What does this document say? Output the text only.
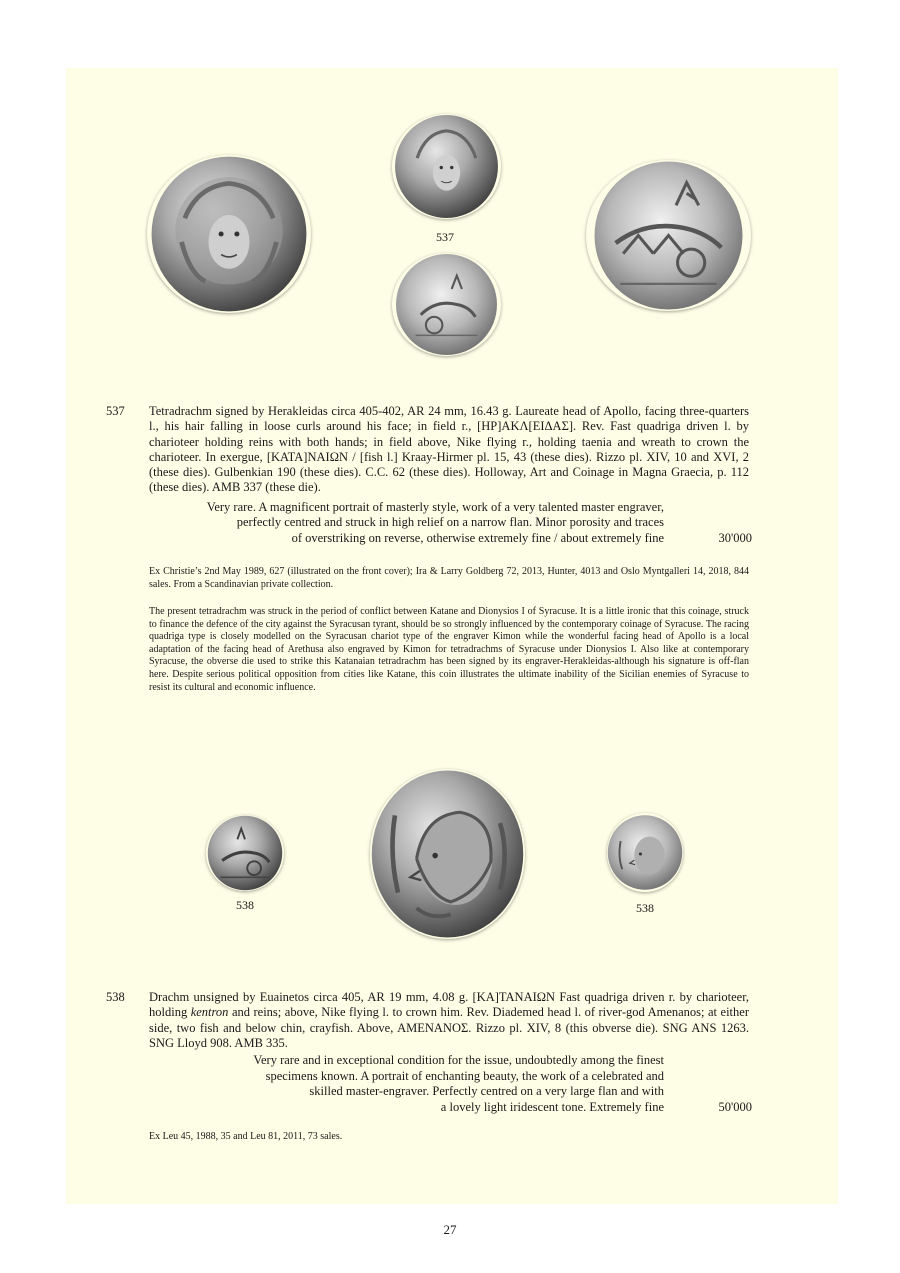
537
537 Tetradrachm signed by Herakleidas circa 405-402, AR 24 mm, 16.43 g. Laureate head of Apollo, facing three-quarters l., his hair falling in loose curls around his face; in field r., [HP]AKΛ[EIΔAΣ]. Rev. Fast quadriga driven l. by charioteer holding reins with both hands; in field above, Nike flying r., holding taenia and wreath to crown the charioteer. In exergue, [KATA]NAIΩN / [fish l.] Kraay-Hirmer pl. 15, 43 (these dies). Rizzo pl. XIV, 10 and XVI, 2 (these dies). Gulbenkian 190 (these dies). C.C. 62 (these dies). Holloway, Art and Coinage in Magna Graecia, p. 112 (these dies). AMB 337 (these die).
Very rare. A magnificent portrait of masterly style, work of a very talented master engraver,
perfectly centred and struck in high relief on a narrow flan. Minor porosity and traces
of overstriking on reverse, otherwise extremely fine / about extremely fine	30'000
Ex Christie’s 2nd May 1989, 627 (illustrated on the front cover); Ira & Larry Goldberg 72, 2013, Hunter, 4013 and Oslo Myntgalleri 14, 2018, 844 sales. From a Scandinavian private collection.
The present tetradrachm was struck in the period of conflict between Katane and Dionysios I of Syracuse. It is a little ironic that this coinage, struck to finance the defence of the city against the Syracusan tyrant, should be so strongly influenced by the contemporary coinage of Syracuse. The racing quadriga type is closely modelled on the Syracusan chariot type of the engraver Kimon while the wonderful facing head of Apollo is a local adaptation of the facing head of Arethusa also engraved by Kimon for tetradrachms of Syracuse under Dionysios I. Also like at contemporary Syracuse, the obverse die used to strike this Katanaian tetradrachm has been signed by its engraver-Herakleidas-although his signature is off-flan here. Despite serious political opposition from cities like Katane, this coin illustrates the ultimate inability of the Sicilian enemies of Syracuse to resist its cultural and economic influence.
538	538
538 Drachm unsigned by Euainetos circa 405, AR 19 mm, 4.08 g. [KA]TANAIΩN Fast quadriga driven r. by charioteer, holding kentron and reins; above, Nike flying l. to crown him. Rev. Diademed head l. of river-god Amenanos; at either side, two fish and below chin, crayfish. Above, AMENANOΣ. Rizzo pl. XIV, 8 (this obverse die). SNG ANS 1263. SNG Lloyd 908. AMB 335.
Very rare and in exceptional condition for the issue, undoubtedly among the finest
specimens known. A portrait of enchanting beauty, the work of a celebrated and
skilled master-engraver. Perfectly centred on a very large flan and with
a lovely light iridescent tone. Extremely fine	50'000
Ex Leu 45, 1988, 35 and Leu 81, 2011, 73 sales.
27
